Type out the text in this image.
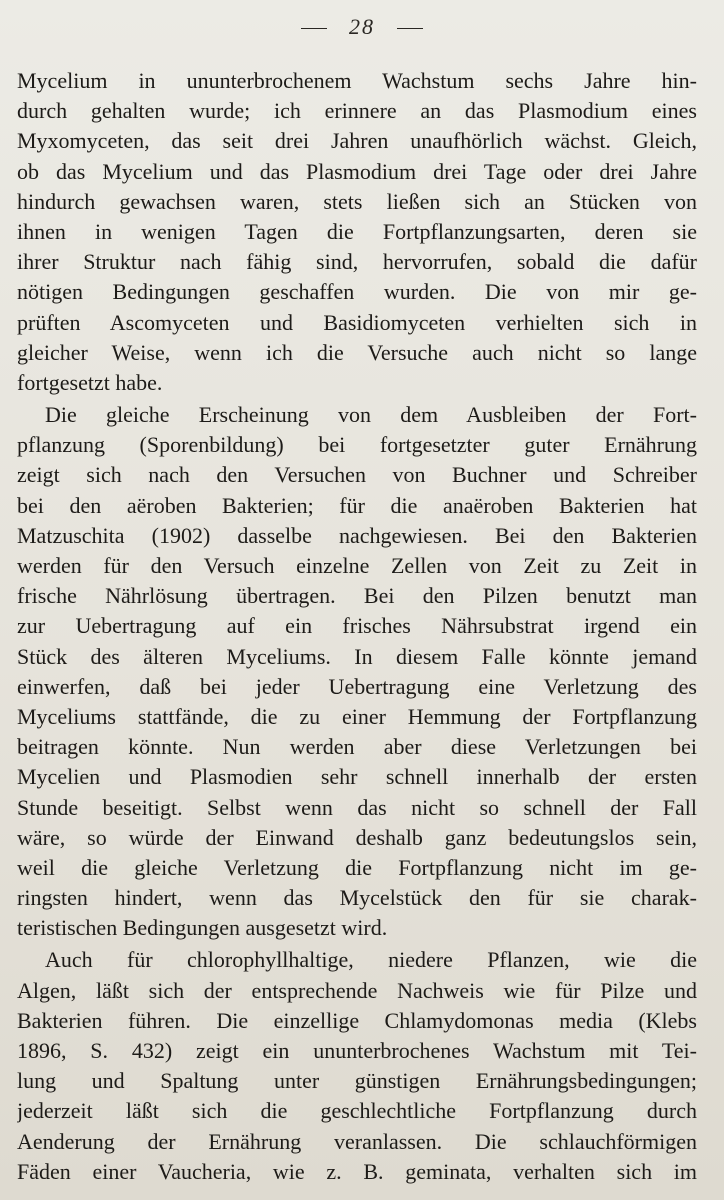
28
Mycelium in ununterbrochenem Wachstum sechs Jahre hin-
durch gehalten wurde; ich erinnere an das Plasmodium eines
Myxomyceten, das seit drei Jahren unaufhörlich wächst. Gleich,
ob das Mycelium und das Plasmodium drei Tage oder drei Jahre
hindurch gewachsen waren, stets ließen sich an Stücken von
ihnen in wenigen Tagen die Fortpflanzungsarten, deren sie
ihrer Struktur nach fähig sind, hervorrufen, sobald die dafür
nötigen Bedingungen geschaffen wurden. Die von mir ge-
prüften Ascomyceten und Basidiomyceten verhielten sich in
gleicher Weise, wenn ich die Versuche auch nicht so lange
fortgesetzt habe.
Die gleiche Erscheinung von dem Ausbleiben der Fort-
pflanzung (Sporenbildung) bei fortgesetzter guter Ernährung
zeigt sich nach den Versuchen von Buchner und Schreiber
bei den aëroben Bakterien; für die anaëroben Bakterien hat
Matzuschita (1902) dasselbe nachgewiesen. Bei den Bakterien
werden für den Versuch einzelne Zellen von Zeit zu Zeit in
frische Nährlösung übertragen. Bei den Pilzen benutzt man
zur Uebertragung auf ein frisches Nährsubstrat irgend ein
Stück des älteren Myceliums. In diesem Falle könnte jemand
einwerfen, daß bei jeder Uebertragung eine Verletzung des
Myceliums stattfände, die zu einer Hemmung der Fortpflanzung
beitragen könnte. Nun werden aber diese Verletzungen bei
Mycelien und Plasmodien sehr schnell innerhalb der ersten
Stunde beseitigt. Selbst wenn das nicht so schnell der Fall
wäre, so würde der Einwand deshalb ganz bedeutungslos sein,
weil die gleiche Verletzung die Fortpflanzung nicht im ge-
ringsten hindert, wenn das Mycelstück den für sie charak-
teristischen Bedingungen ausgesetzt wird.
Auch für chlorophyllhaltige, niedere Pflanzen, wie die
Algen, läßt sich der entsprechende Nachweis wie für Pilze und
Bakterien führen. Die einzellige Chlamydomonas media (Klebs
1896, S. 432) zeigt ein ununterbrochenes Wachstum mit Tei-
lung und Spaltung unter günstigen Ernährungsbedingungen;
jederzeit läßt sich die geschlechtliche Fortpflanzung durch
Aenderung der Ernährung veranlassen. Die schlauchförmigen
Fäden einer Vaucheria, wie z. B. geminata, verhalten sich im
